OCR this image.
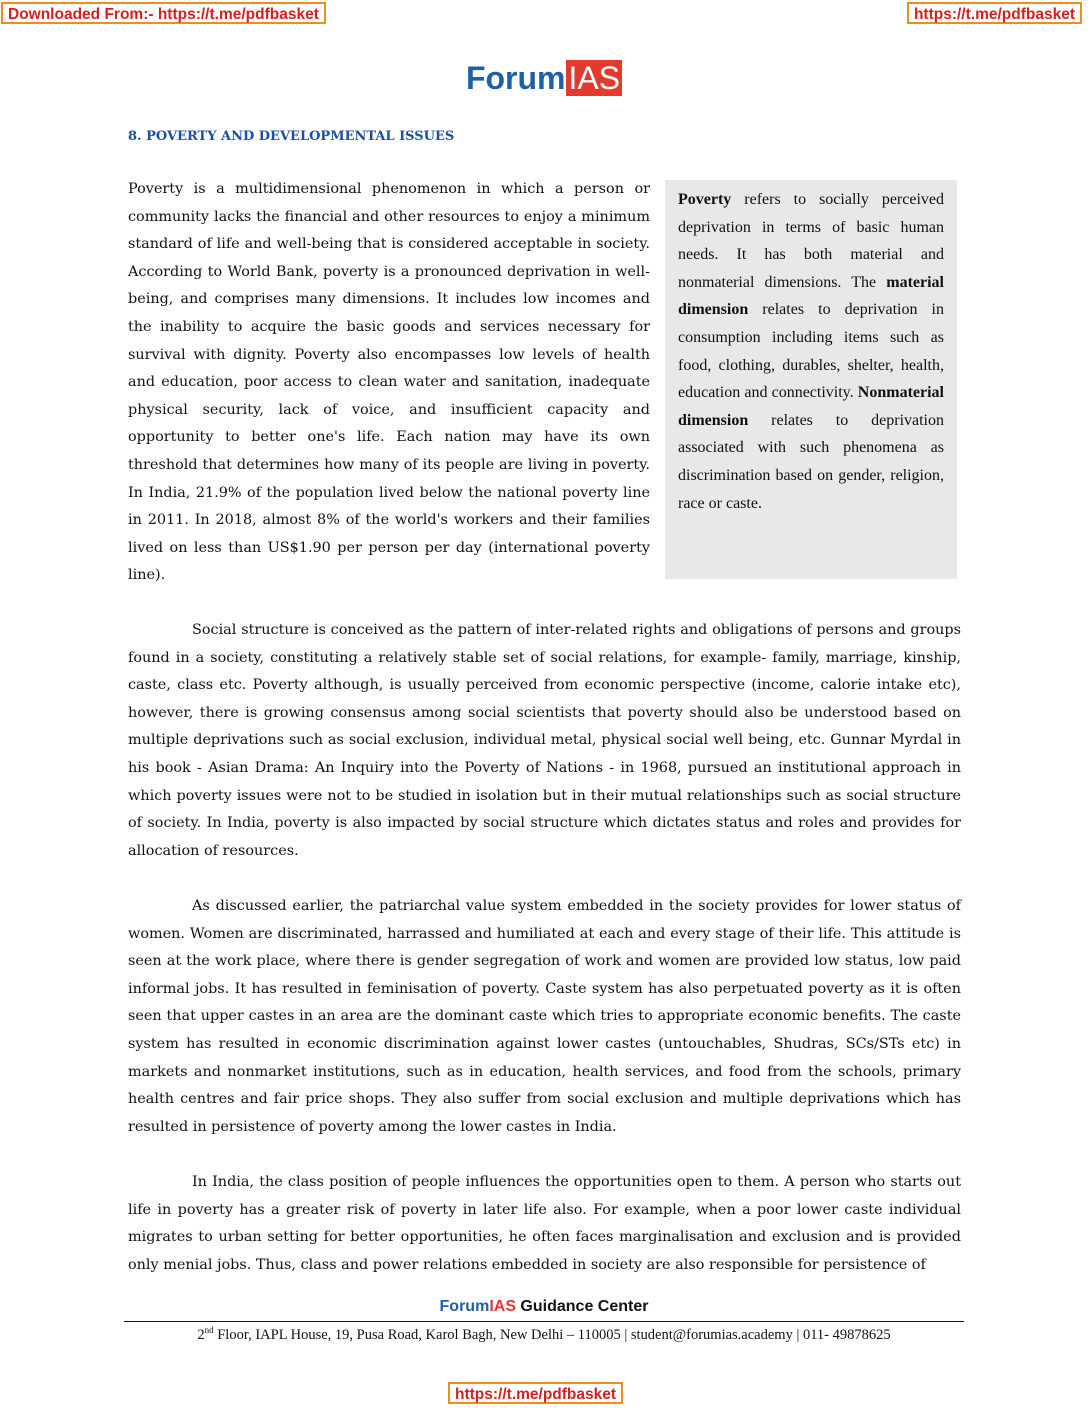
Downloaded From:- https://t.me/pdfbasket	https://t.me/pdfbasket
ForumIAS
8. POVERTY AND DEVELOPMENTAL ISSUES

Poverty is a multidimensional phenomenon in which a person or community lacks the financial and other resources to enjoy a minimum standard of life and well-being that is considered acceptable in society. According to World Bank, poverty is a pronounced deprivation in well-being, and comprises many dimensions. It includes low incomes and the inability to acquire the basic goods and services necessary for survival with dignity. Poverty also encompasses low levels of health and education, poor access to clean water and sanitation, inadequate physical security, lack of voice, and insufficient capacity and opportunity to better one's life. Each nation may have its own threshold that determines how many of its people are living in poverty. In India, 21.9% of the population lived below the national poverty line in 2011. In 2018, almost 8% of the world's workers and their families lived on less than US$1.90 per person per day (international poverty line).

Poverty refers to socially perceived deprivation in terms of basic human needs. It has both material and nonmaterial dimensions. The material dimension relates to deprivation in consumption including items such as food, clothing, durables, shelter, health, education and connectivity. Nonmaterial dimension relates to deprivation associated with such phenomena as discrimination based on gender, religion, race or caste.

Social structure is conceived as the pattern of inter-related rights and obligations of persons and groups found in a society, constituting a relatively stable set of social relations, for example- family, marriage, kinship, caste, class etc. Poverty although, is usually perceived from economic perspective (income, calorie intake etc), however, there is growing consensus among social scientists that poverty should also be understood based on multiple deprivations such as social exclusion, individual metal, physical social well being, etc. Gunnar Myrdal in his book - Asian Drama: An Inquiry into the Poverty of Nations - in 1968, pursued an institutional approach in which poverty issues were not to be studied in isolation but in their mutual relationships such as social structure of society. In India, poverty is also impacted by social structure which dictates status and roles and provides for allocation of resources.

As discussed earlier, the patriarchal value system embedded in the society provides for lower status of women. Women are discriminated, harrassed and humiliated at each and every stage of their life. This attitude is seen at the work place, where there is gender segregation of work and women are provided low status, low paid informal jobs. It has resulted in feminisation of poverty. Caste system has also perpetuated poverty as it is often seen that upper castes in an area are the dominant caste which tries to appropriate economic benefits. The caste system has resulted in economic discrimination against lower castes (untouchables, Shudras, SCs/STs etc) in markets and nonmarket institutions, such as in education, health services, and food from the schools, primary health centres and fair price shops. They also suffer from social exclusion and multiple deprivations which has resulted in persistence of poverty among the lower castes in India.

In India, the class position of people influences the opportunities open to them. A person who starts out life in poverty has a greater risk of poverty in later life also. For example, when a poor lower caste individual migrates to urban setting for better opportunities, he often faces marginalisation and exclusion and is provided only menial jobs. Thus, class and power relations embedded in society are also responsible for persistence of

ForumIAS Guidance Center
2nd Floor, IAPL House, 19, Pusa Road, Karol Bagh, New Delhi – 110005 | student@forumias.academy | 011- 49878625
https://t.me/pdfbasket
